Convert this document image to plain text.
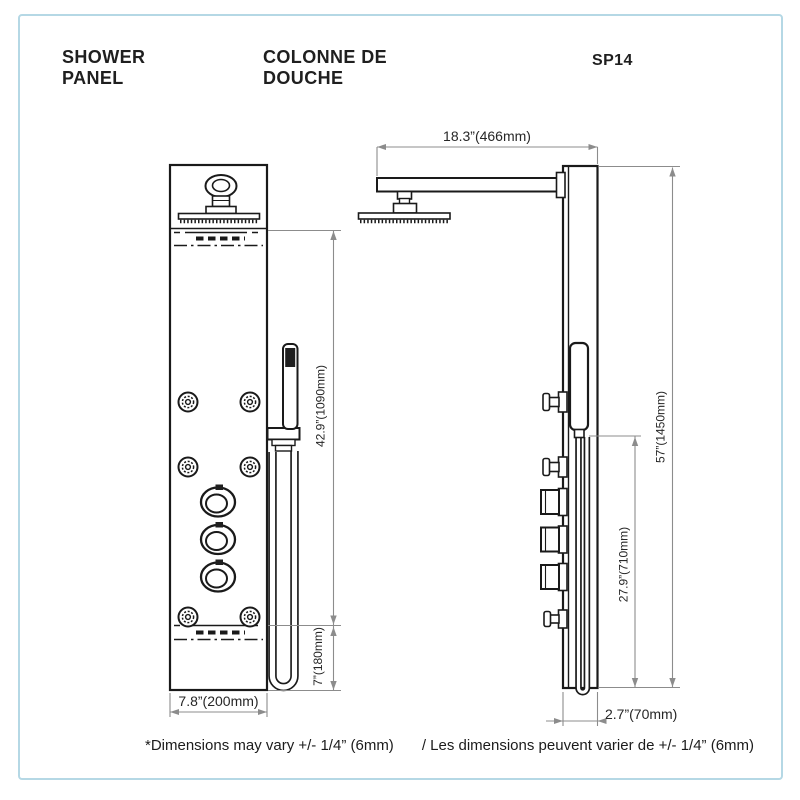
SHOWER
PANEL
COLONNE DE
DOUCHE
SP14
18.3”(466mm)
57”(1450mm)
27.9”(710mm)
42.9”(1090mm)
7”(180mm)
7.8”(200mm)
2.7”(70mm)
*Dimensions may vary +/- 1/4” (6mm) / Les dimensions peuvent varier de +/- 1/4” (6mm)
